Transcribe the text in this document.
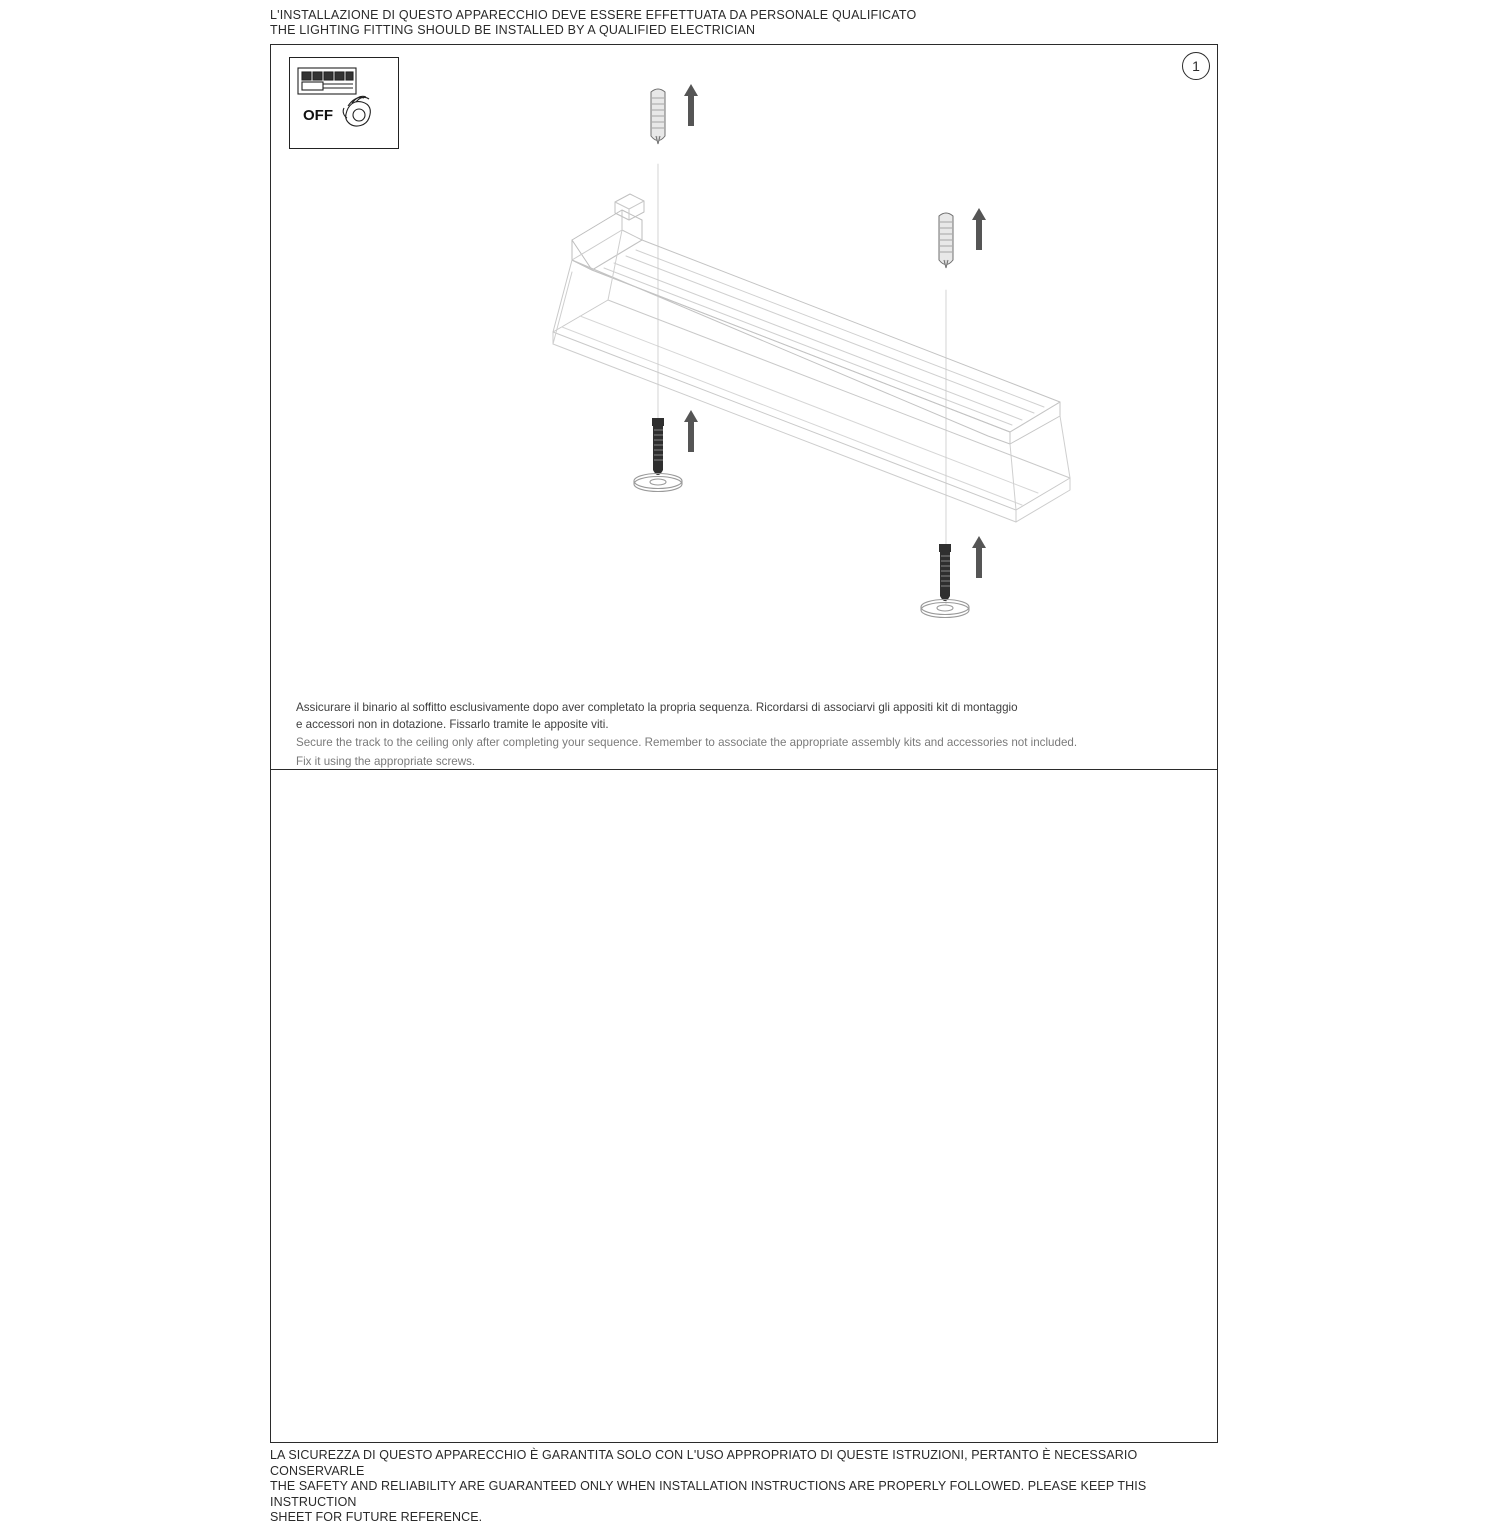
L'INSTALLAZIONE DI QUESTO APPARECCHIO DEVE ESSERE EFFETTUATA DA PERSONALE QUALIFICATO
THE LIGHTING FITTING SHOULD BE INSTALLED BY A QUALIFIED ELECTRICIAN
1
OFF
Assicurare il binario al soffitto esclusivamente dopo aver completato la propria sequenza. Ricordarsi di associarvi gli appositi kit di montaggio
e accessori non in dotazione. Fissarlo tramite le apposite viti.
Secure the track to the ceiling only after completing your sequence. Remember to associate the appropriate assembly kits and accessories not included.
Fix it using the appropriate screws.
LA SICUREZZA DI QUESTO APPARECCHIO È GARANTITA SOLO CON L'USO APPROPRIATO DI QUESTE ISTRUZIONI, PERTANTO È NECESSARIO CONSERVARLE
THE SAFETY AND RELIABILITY ARE GUARANTEED ONLY WHEN INSTALLATION INSTRUCTIONS ARE PROPERLY FOLLOWED. PLEASE KEEP THIS INSTRUCTION
SHEET FOR FUTURE REFERENCE.
